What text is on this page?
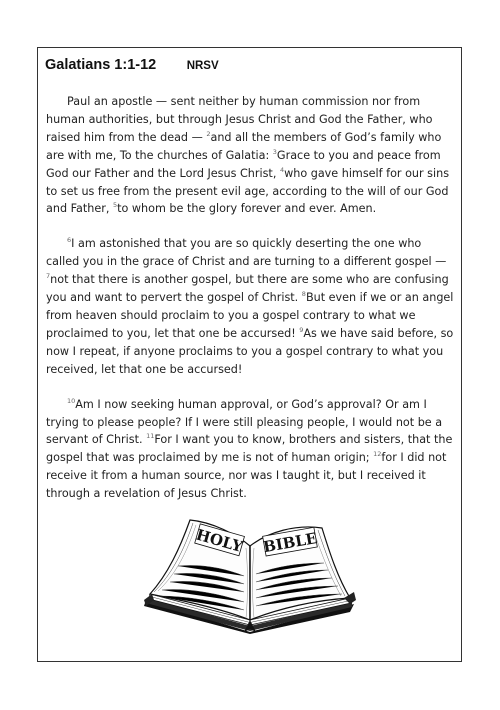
Galatians 1:1-12	NRSV

Paul an apostle — sent neither by human commission nor from human authorities, but through Jesus Christ and God the Father, who raised him from the dead — $^2$and all the members of God’s family who are with me, To the churches of Galatia: $^3$Grace to you and peace from God our Father and the Lord Jesus Christ, $^4$who gave himself for our sins to set us free from the present evil age, according to the will of our God and Father, $^5$to whom be the glory forever and ever. Amen.

$^6$I am astonished that you are so quickly deserting the one who called you in the grace of Christ and are turning to a different gospel — $^7$not that there is another gospel, but there are some who are confusing you and want to pervert the gospel of Christ. $^8$But even if we or an angel from heaven should proclaim to you a gospel contrary to what we proclaimed to you, let that one be accursed! $^9$As we have said before, so now I repeat, if anyone proclaims to you a gospel contrary to what you received, let that one be accursed!

$^{10}$Am I now seeking human approval, or God’s approval? Or am I trying to please people? If I were still pleasing people, I would not be a servant of Christ. $^{11}$For I want you to know, brothers and sisters, that the gospel that was proclaimed by me is not of human origin; $^{12}$for I did not receive it from a human source, nor was I taught it, but I received it through a revelation of Jesus Christ.

HOLY BIBLE
